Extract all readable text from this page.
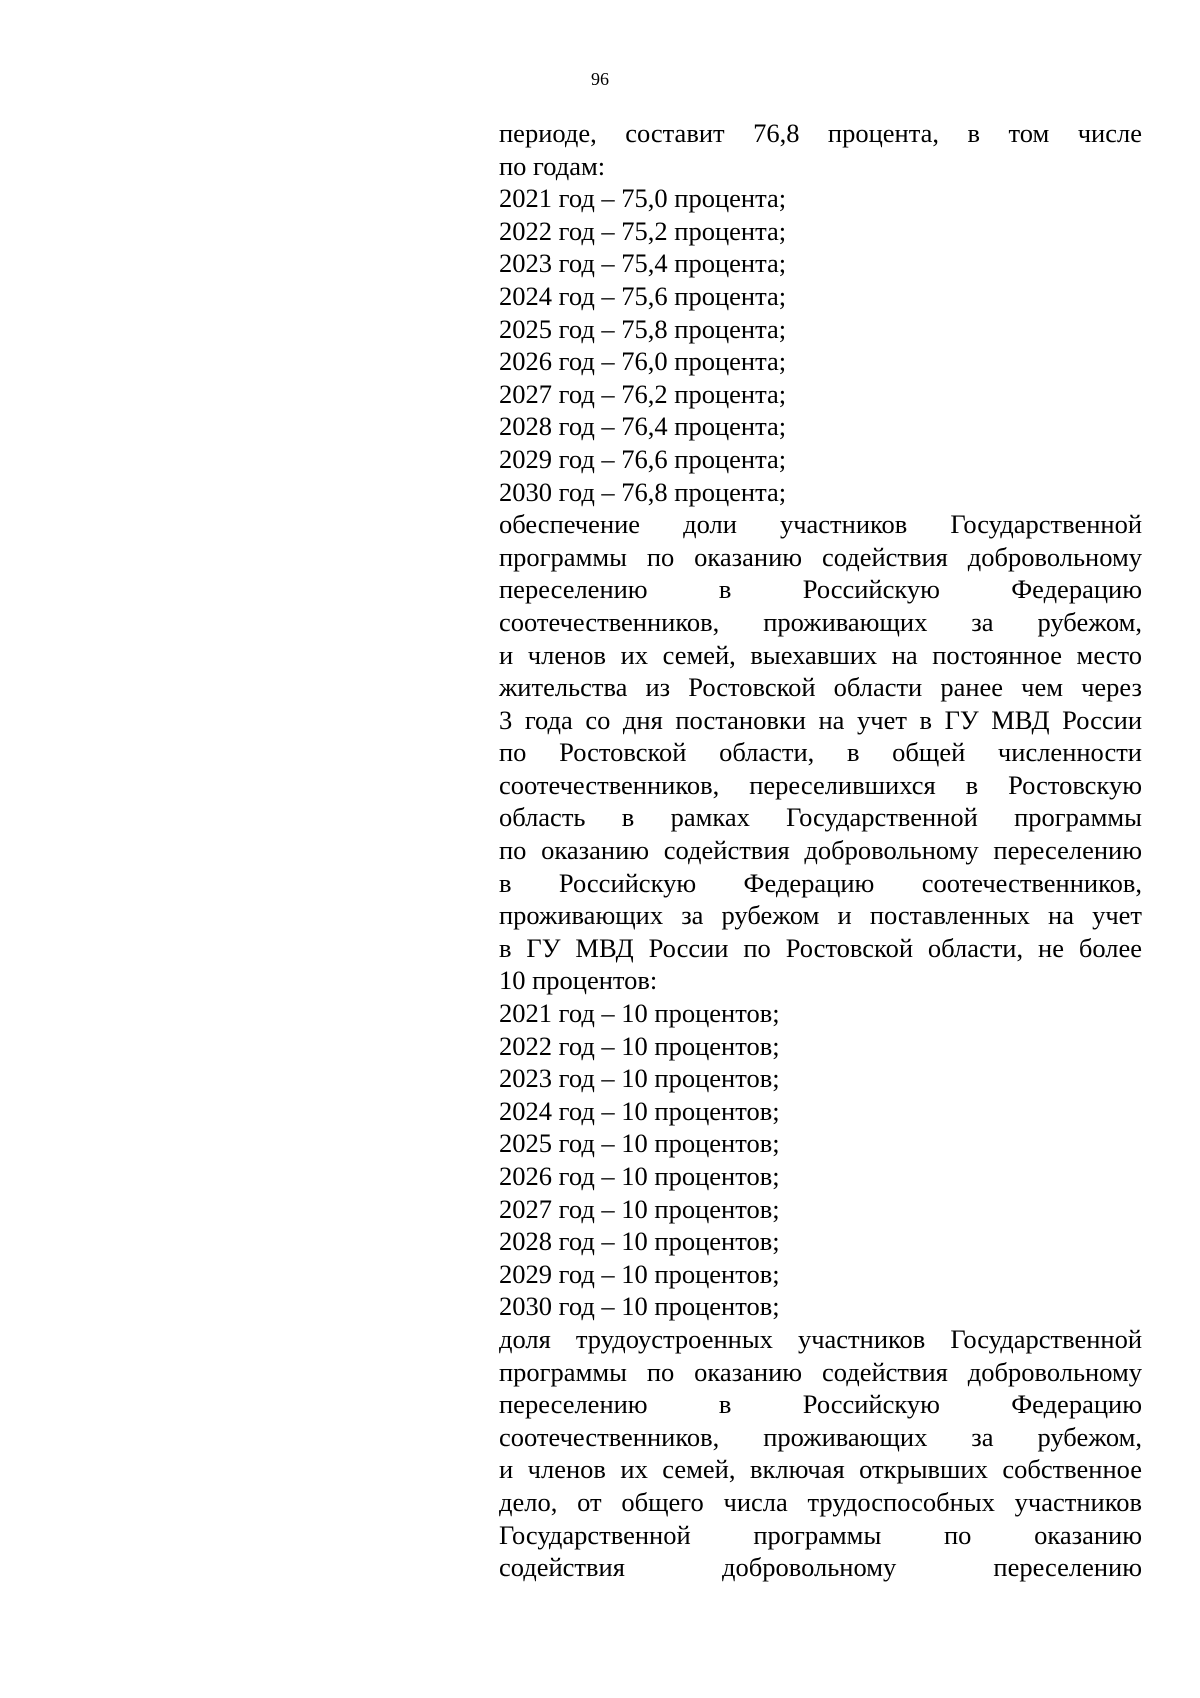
96
периоде, составит 76,8 процента, в том числе
по годам:
2021 год – 75,0 процента;
2022 год – 75,2 процента;
2023 год – 75,4 процента;
2024 год – 75,6 процента;
2025 год – 75,8 процента;
2026 год – 76,0 процента;
2027 год – 76,2 процента;
2028 год – 76,4 процента;
2029 год – 76,6 процента;
2030 год – 76,8 процента;
обеспечение доли участников Государственной
программы по оказанию содействия добровольному
переселению в Российскую Федерацию
соотечественников, проживающих за рубежом,
и членов их семей, выехавших на постоянное место
жительства из Ростовской области ранее чем через
3 года со дня постановки на учет в ГУ МВД России
по Ростовской области, в общей численности
соотечественников, переселившихся в Ростовскую
область в рамках Государственной программы
по оказанию содействия добровольному переселению
в Российскую Федерацию соотечественников,
проживающих за рубежом и поставленных на учет
в ГУ МВД России по Ростовской области, не более
10 процентов:
2021 год – 10 процентов;
2022 год – 10 процентов;
2023 год – 10 процентов;
2024 год – 10 процентов;
2025 год – 10 процентов;
2026 год – 10 процентов;
2027 год – 10 процентов;
2028 год – 10 процентов;
2029 год – 10 процентов;
2030 год – 10 процентов;
доля трудоустроенных участников Государственной
программы по оказанию содействия добровольному
переселению в Российскую Федерацию
соотечественников, проживающих за рубежом,
и членов их семей, включая открывших собственное
дело, от общего числа трудоспособных участников
Государственной программы по оказанию
содействия добровольному переселению
